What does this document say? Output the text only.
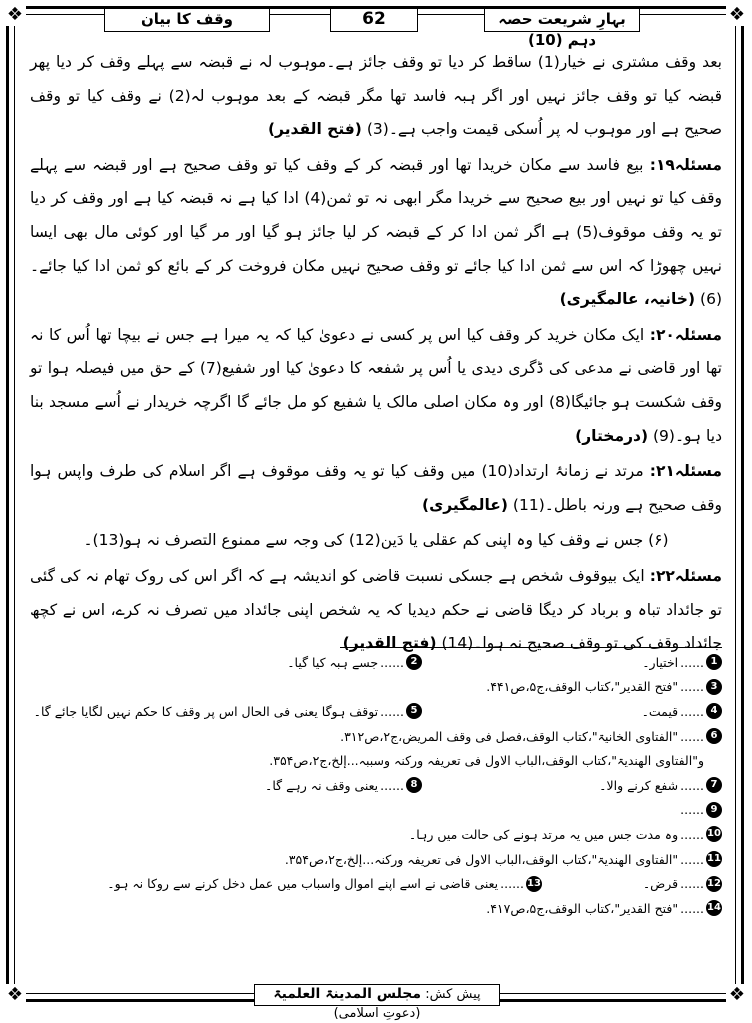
❖	❖
❖	❖
وقف کا بیان	62	بہارِ شریعت حصہ دہم (10)

بعد وقف مشتری نے خیار(1) ساقط کر دیا تو وقف جائز ہے۔موہوب لہ نے قبضہ سے پہلے وقف کر دیا پھر قبضہ کیا تو وقف جائز نہیں اور اگر ہبہ فاسد تھا مگر قبضہ کے بعد موہوب لہ(2) نے وقف کیا تو وقف صحیح ہے اور موہوب لہ پر اُسکی قیمت واجب ہے۔(3) (فتح القدیر)

مسئلہ۱۹: بیع فاسد سے مکان خریدا تھا اور قبضہ کر کے وقف کیا تو وقف صحیح ہے اور قبضہ سے پہلے وقف کیا تو نہیں اور بیع صحیح سے خریدا مگر ابھی نہ تو ثمن(4) ادا کیا ہے نہ قبضہ کیا ہے اور وقف کر دیا تو یہ وقف موقوف(5) ہے اگر ثمن ادا کر کے قبضہ کر لیا جائز ہو گیا اور مر گیا اور کوئی مال بھی ایسا نہیں چھوڑا کہ اس سے ثمن ادا کیا جائے تو وقف صحیح نہیں مکان فروخت کر کے بائع کو ثمن ادا کیا جائے۔(6) (خانیہ، عالمگیری)

مسئلہ۲۰: ایک مکان خرید کر وقف کیا اس پر کسی نے دعویٰ کیا کہ یہ میرا ہے جس نے بیچا تھا اُس کا نہ تھا اور قاضی نے مدعی کی ڈگری دیدی یا اُس پر شفعہ کا دعویٰ کیا اور شفیع(7) کے حق میں فیصلہ ہوا تو وقف شکست ہو جائیگا(8) اور وہ مکان اصلی مالک یا شفیع کو مل جائے گا اگرچہ خریدار نے اُسے مسجد بنا دیا ہو۔(9) (درمختار)

مسئلہ۲۱: مرتد نے زمانۂ ارتداد(10) میں وقف کیا تو یہ وقف موقوف ہے اگر اسلام کی طرف واپس ہوا وقف صحیح ہے ورنہ باطل۔(11) (عالمگیری)

(۶) جس نے وقف کیا وہ اپنی کم عقلی یا دَین(12) کی وجہ سے ممنوع التصرف نہ ہو(13)۔

مسئلہ۲۲: ایک بیوقوف شخص ہے جسکی نسبت قاضی کو اندیشہ ہے کہ اگر اس کی روک تھام نہ کی گئی تو جائداد تباہ و برباد کر دیگا قاضی نے حکم دیدیا کہ یہ شخص اپنی جائداد میں تصرف نہ کرے، اس نے کچھ جائداد وقف کی تو وقف صحیح نہ ہوا۔(14) (فتح القدیر)

1
......
اختیار۔
2
......
جسے ہبہ کیا گیا۔
3
......
"فتح القدیر"،کتاب الوقف،ج۵،ص۴۴۱.
4
......
قیمت۔
5
......
توقف ہوگا یعنی فی الحال اس پر وقف کا حکم نہیں لگایا جائے گا۔
6
......
"الفتاوی الخانیۃ"،کتاب الوقف،فصل فی وقف المریض،ج۲،ص۳۱۲.
و"الفتاوی الھندیۃ"،کتاب الوقف،الباب الاول فی تعریفہ ورکنہ وسببہ...إلخ،ج۲،ص۳۵۴.
7
......
شفع کرنے والا۔
8
......
یعنی وقف نہ رہے گا۔
9
......
10
......
وہ مدت جس میں یہ مرتد ہونے کی حالت میں رہا۔
11
......
"الفتاوی الھندیۃ"،کتاب الوقف،الباب الاول فی تعریفہ ورکنہ...إلخ،ج۲،ص۳۵۴.
12
......
قرض۔
13
......
یعنی قاضی نے اسے اپنے اموال واسباب میں عمل دخل کرنے سے روکا نہ ہو۔
14
......
"فتح القدیر"،کتاب الوقف،ج۵،ص۴۱۷.
پیش کش: مجلس المدینۃ العلمیۃ (دعوتِ اسلامی)
